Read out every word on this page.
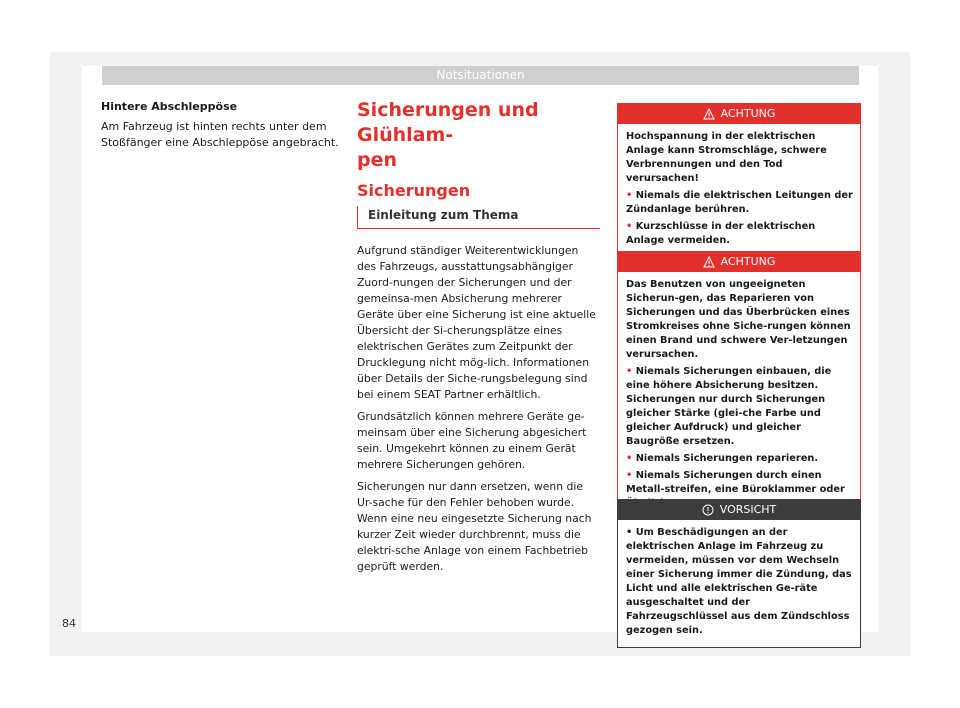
Notsituationen

Hintere Abschleppöse

Am Fahrzeug ist hinten rechts unter dem Stoßfänger eine Abschleppöse angebracht.

Sicherungen und Glühlam-
pen
Sicherungen
Einleitung zum Thema

Aufgrund ständiger Weiterentwicklungen des Fahrzeugs, ausstattungsabhängiger Zuord-nungen der Sicherungen und der gemeinsa-men Absicherung mehrerer Geräte über eine Sicherung ist eine aktuelle Übersicht der Si-cherungsplätze eines elektrischen Gerätes zum Zeitpunkt der Drucklegung nicht mög-lich. Informationen über Details der Siche-rungsbelegung sind bei einem SEAT Partner erhältlich.

Grundsätzlich können mehrere Geräte ge-meinsam über eine Sicherung abgesichert sein. Umgekehrt können zu einem Gerät mehrere Sicherungen gehören.

Sicherungen nur dann ersetzen, wenn die Ur-sache für den Fehler behoben wurde. Wenn eine neu eingesetzte Sicherung nach kurzer Zeit wieder durchbrennt, muss die elektri-sche Anlage von einem Fachbetrieb geprüft werden.

ACHTUNG

Hochspannung in der elektrischen Anlage kann Stromschläge, schwere Verbrennungen und den Tod verursachen!

• Niemals die elektrischen Leitungen der Zündanlage berühren.

• Kurzschlüsse in der elektrischen Anlage vermeiden.

ACHTUNG

Das Benutzen von ungeeigneten Sicherun-gen, das Reparieren von Sicherungen und das Überbrücken eines Stromkreises ohne Siche-rungen können einen Brand und schwere Ver-letzungen verursachen.

• Niemals Sicherungen einbauen, die eine höhere Absicherung besitzen. Sicherungen nur durch Sicherungen gleicher Stärke (glei-che Farbe und gleicher Aufdruck) und gleicher Baugröße ersetzen.

• Niemals Sicherungen reparieren.

• Niemals Sicherungen durch einen Metall-streifen, eine Büroklammer oder

VORSICHT

• Um Beschädigungen an der elektrischen Anlage im Fahrzeug zu vermeiden, müssen vor dem Wechseln einer Sicherung immer die Zündung, das Licht und alle elektrischen Ge-räte ausgeschaltet und der Fahrzeugschlüssel aus dem Zündschloss gezogen sein.

84
